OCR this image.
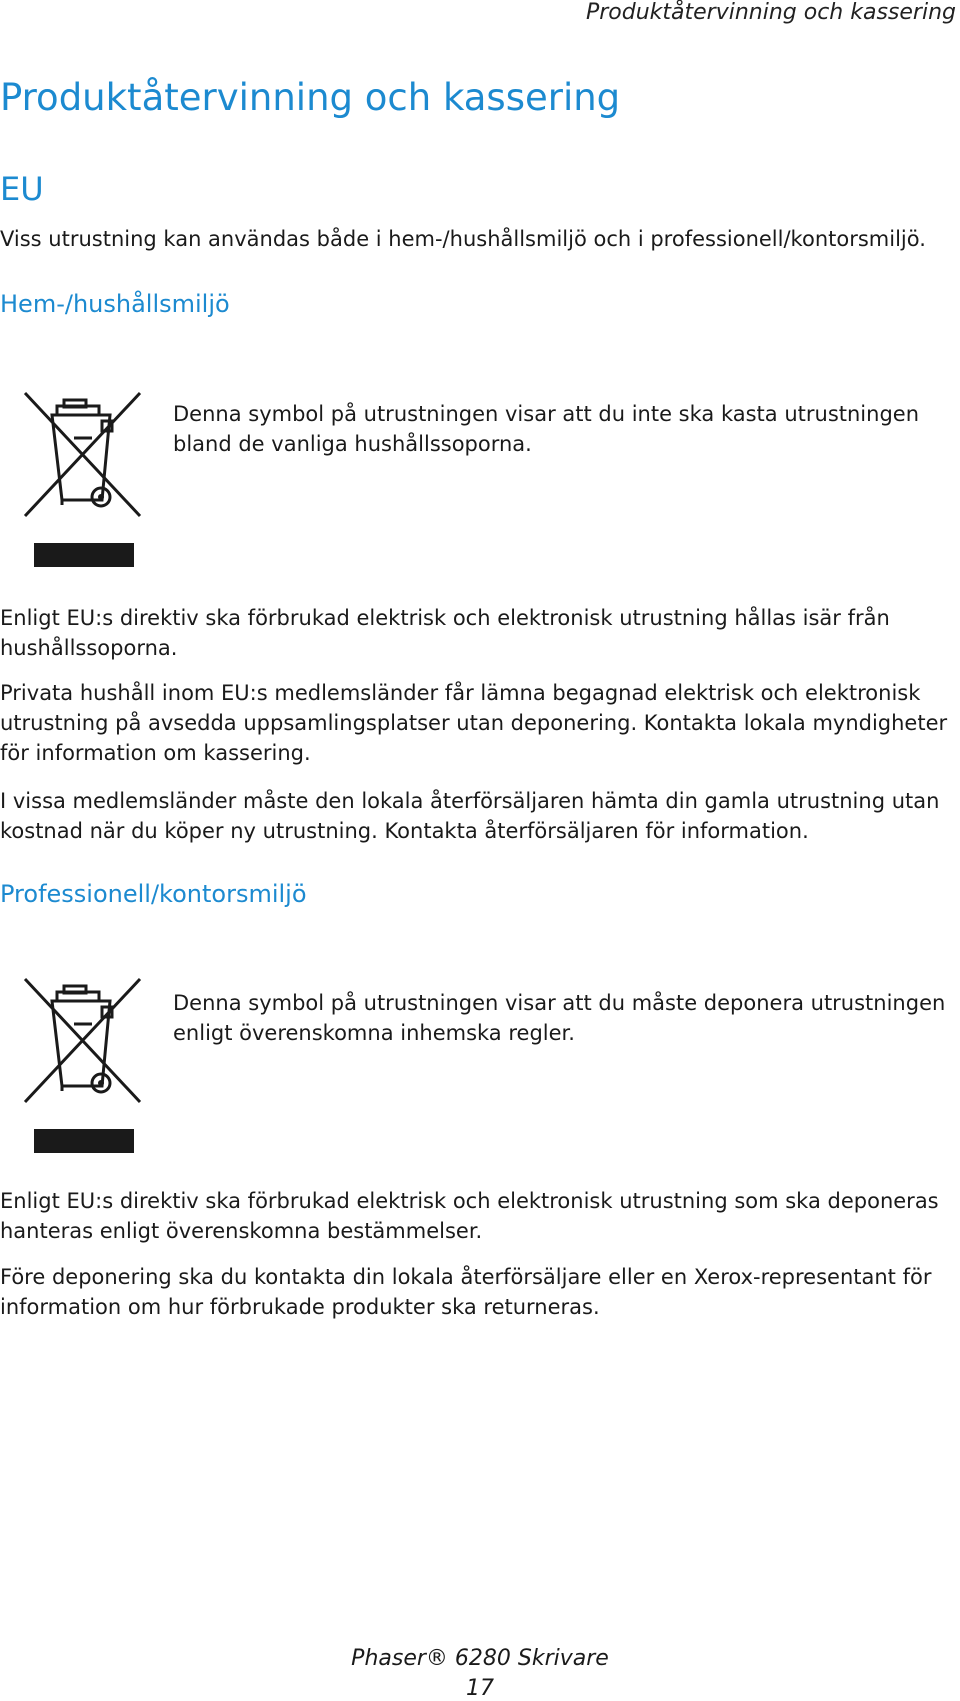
Produktåtervinning och kassering
Produktåtervinning och kassering
EU

Viss utrustning kan användas både i hem-/hushållsmiljö och i professionell/kontorsmiljö.

Hem-/hushållsmiljö

Denna symbol på utrustningen visar att du inte ska kasta utrustningen bland de vanliga hushållssoporna.

Enligt EU:s direktiv ska förbrukad elektrisk och elektronisk utrustning hållas isär från hushållssoporna.

Privata hushåll inom EU:s medlemsländer får lämna begagnad elektrisk och elektronisk utrustning på avsedda uppsamlingsplatser utan deponering. Kontakta lokala myndigheter för information om kassering.

I vissa medlemsländer måste den lokala återförsäljaren hämta din gamla utrustning utan kostnad när du köper ny utrustning. Kontakta återförsäljaren för information.

Professionell/kontorsmiljö

Denna symbol på utrustningen visar att du måste deponera utrustningen enligt överenskomna inhemska regler.

Enligt EU:s direktiv ska förbrukad elektrisk och elektronisk utrustning som ska deponeras hanteras enligt överenskomna bestämmelser.

Före deponering ska du kontakta din lokala återförsäljare eller en Xerox-representant för information om hur förbrukade produkter ska returneras.

Phaser® 6280 Skrivare
17
